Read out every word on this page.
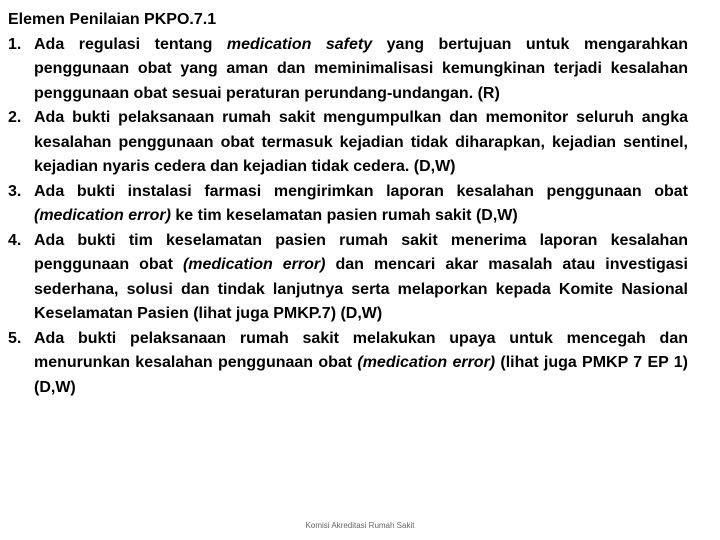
Elemen Penilaian PKPO.7.1
1. Ada regulasi tentang medication safety yang bertujuan untuk mengarahkan penggunaan obat yang aman dan meminimalisasi kemungkinan terjadi kesalahan penggunaan obat sesuai peraturan perundang-undangan. (R)
2. Ada bukti pelaksanaan rumah sakit mengumpulkan dan memonitor seluruh angka kesalahan penggunaan obat termasuk kejadian tidak diharapkan, kejadian sentinel, kejadian nyaris cedera dan kejadian tidak cedera. (D,W)
3. Ada bukti instalasi farmasi mengirimkan laporan kesalahan penggunaan obat (medication error) ke tim keselamatan pasien rumah sakit (D,W)
4. Ada bukti tim keselamatan pasien rumah sakit menerima laporan kesalahan penggunaan obat (medication error) dan mencari akar masalah atau investigasi sederhana, solusi dan tindak lanjutnya serta melaporkan kepada Komite Nasional Keselamatan Pasien (lihat juga PMKP.7) (D,W)
5. Ada bukti pelaksanaan rumah sakit melakukan upaya untuk mencegah dan menurunkan kesalahan penggunaan obat (medication error) (lihat juga PMKP 7 EP 1) (D,W)
Komisi Akreditasi Rumah Sakit
